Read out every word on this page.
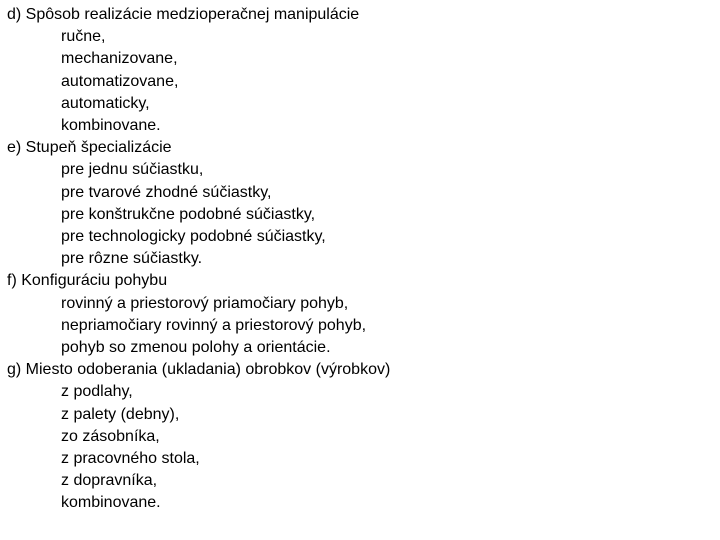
d) Spôsob realizácie medzioperačnej manipulácie
ručne,
mechanizovane,
automatizovane,
automaticky,
kombinovane.
e) Stupeň špecializácie
pre jednu súčiastku,
pre tvarové zhodné súčiastky,
pre konštrukčne podobné súčiastky,
pre technologicky podobné súčiastky,
pre rôzne súčiastky.
f) Konfiguráciu pohybu
rovinný a priestorový priamočiary pohyb,
nepriamočiary rovinný a priestorový pohyb,
pohyb so zmenou polohy a orientácie.
g) Miesto odoberania (ukladania) obrobkov (výrobkov)
z podlahy,
z palety (debny),
zo zásobníka,
z pracovného stola,
z dopravníka,
kombinovane.
